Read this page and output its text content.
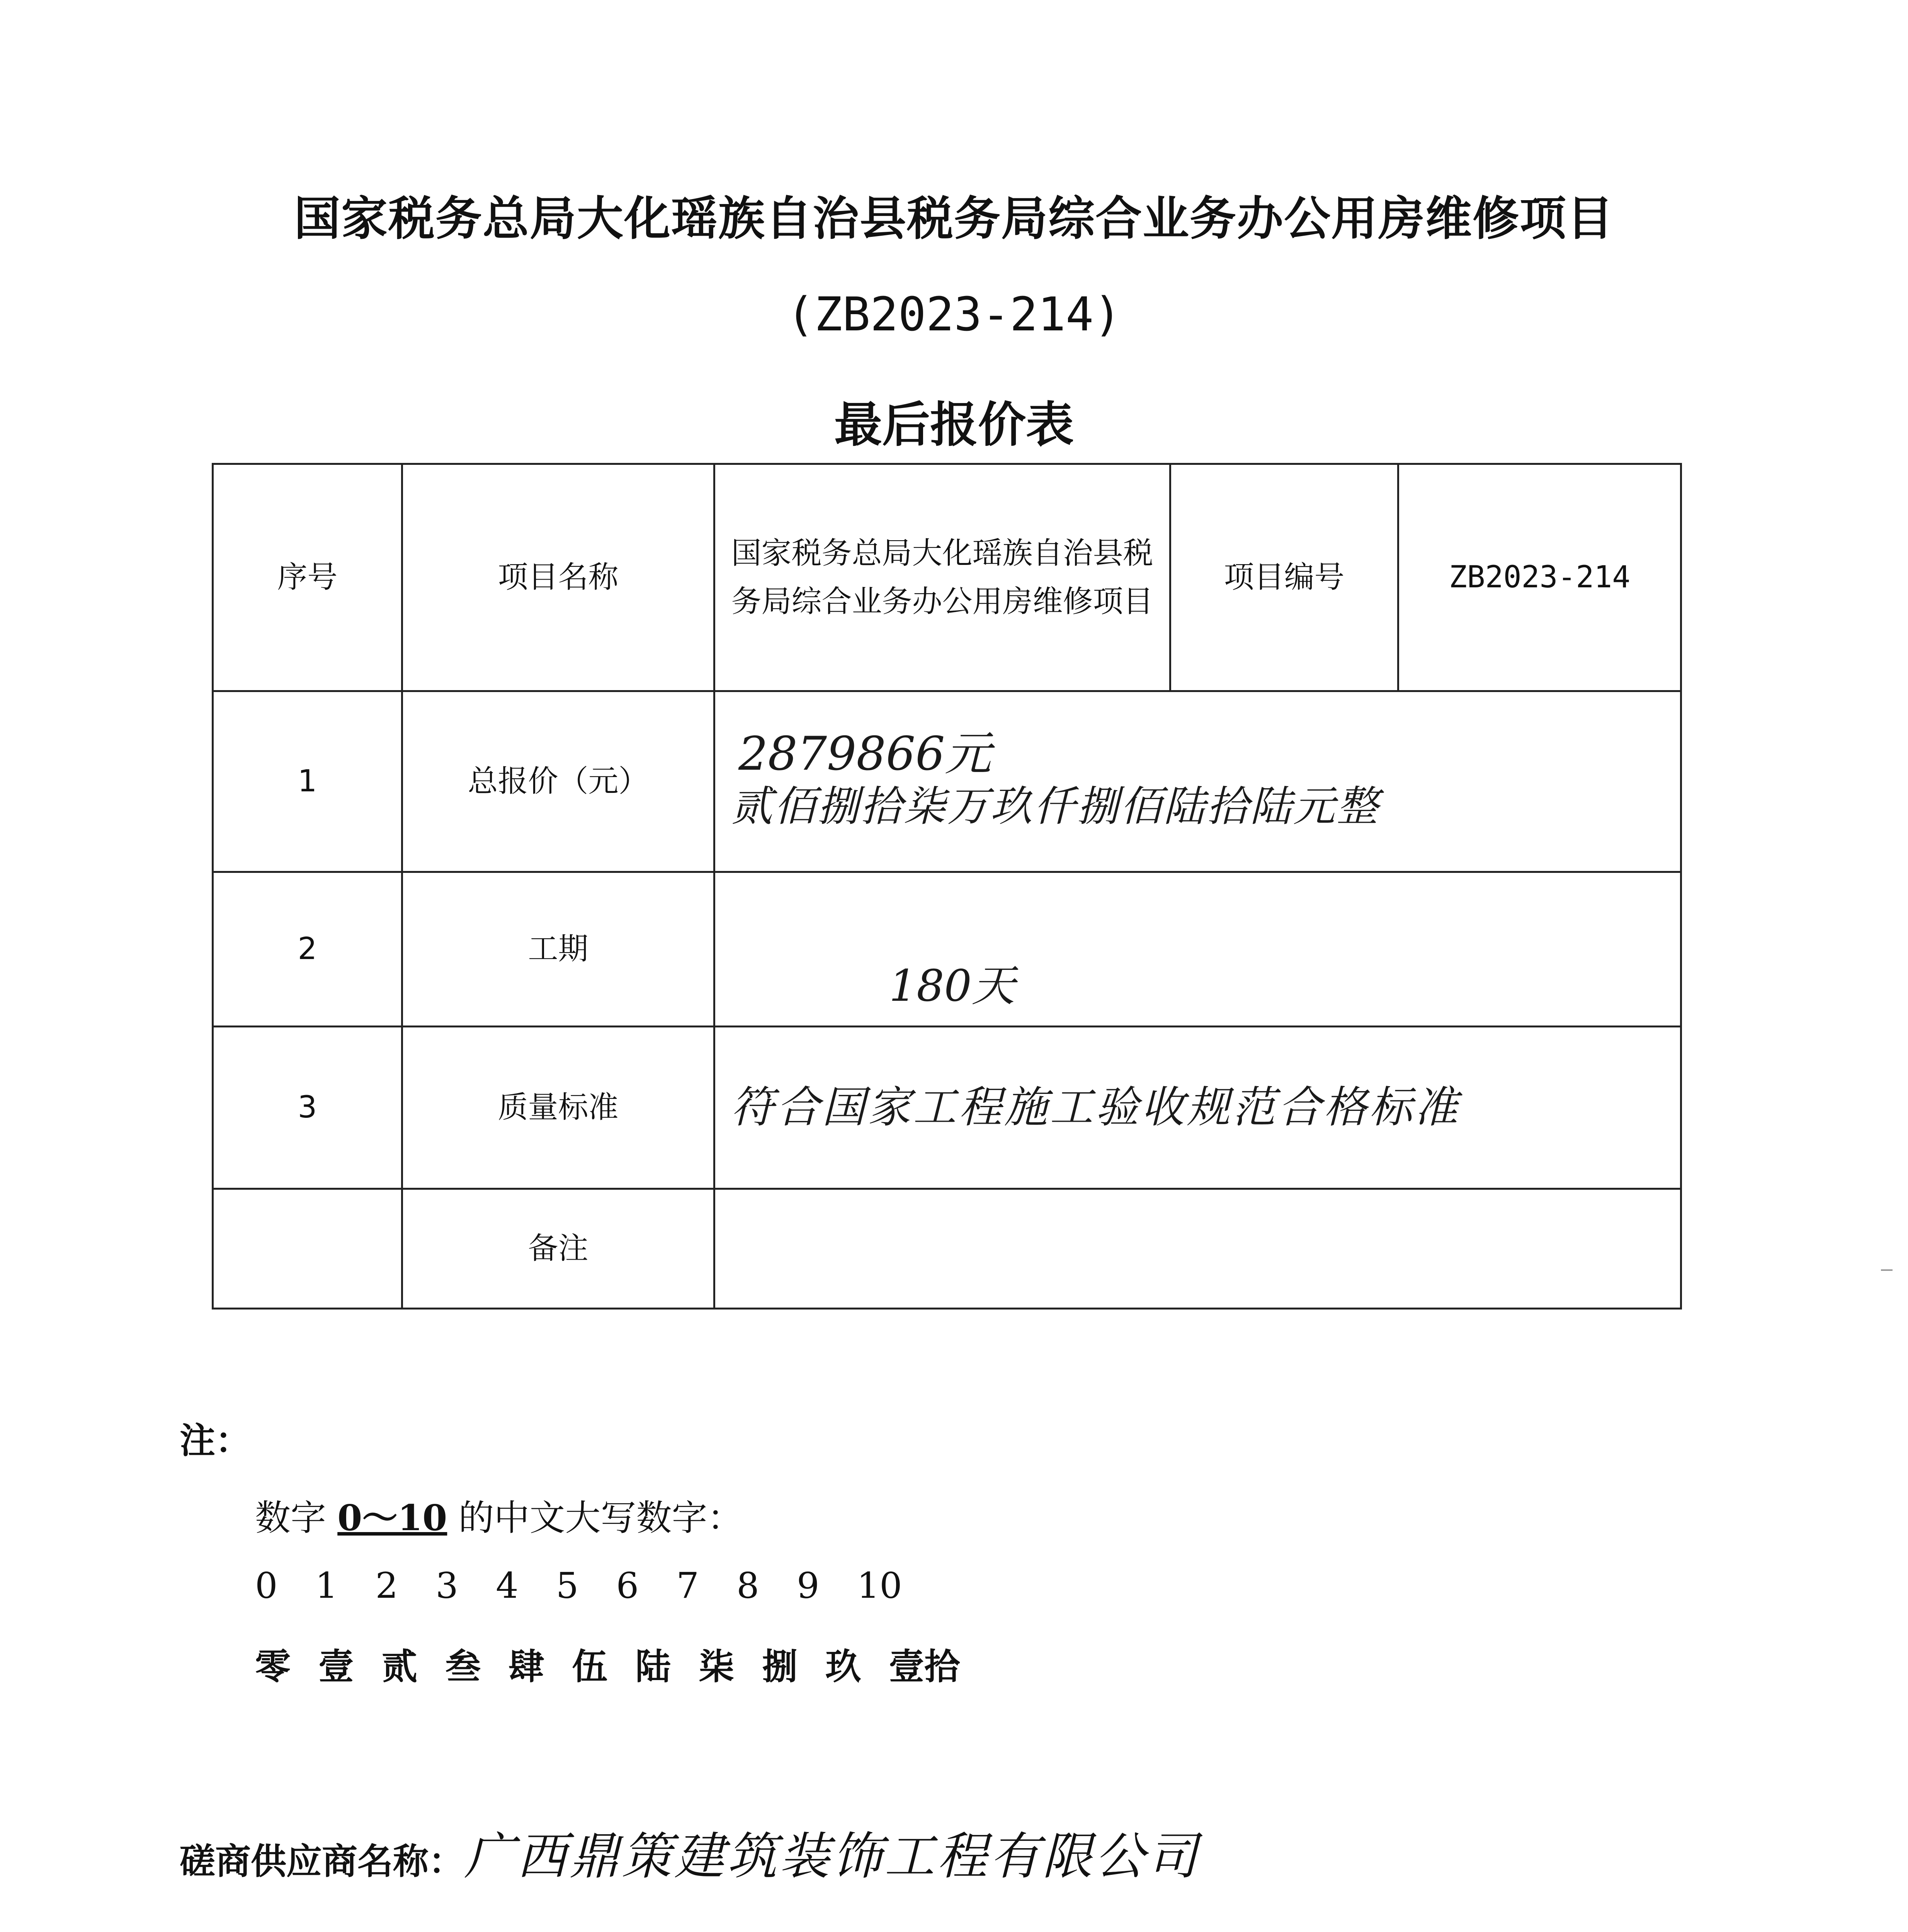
国家税务总局大化瑶族自治县税务局综合业务办公用房维修项目
(ZB2023-214)
最后报价表
序号	项目名称	国家税务总局大化瑶族自治县税务局综合业务办公用房维修项目	项目编号	ZB2023-214
1	总报价（元）	2879866元
贰佰捌拾柒万玖仟捌佰陆拾陆元整		

2	工期	180天		

3	质量标准	符合国家工程施工验收规范合格标准		

	备注			
注：
数字 0～10 的中文大写数字：
0 1 2 3 4 5 6 7 8 9 10
零 壹 贰 叁 肆 伍 陆 柒 捌 玖 壹拾
磋商供应商名称：广西鼎策建筑装饰工程有限公司
